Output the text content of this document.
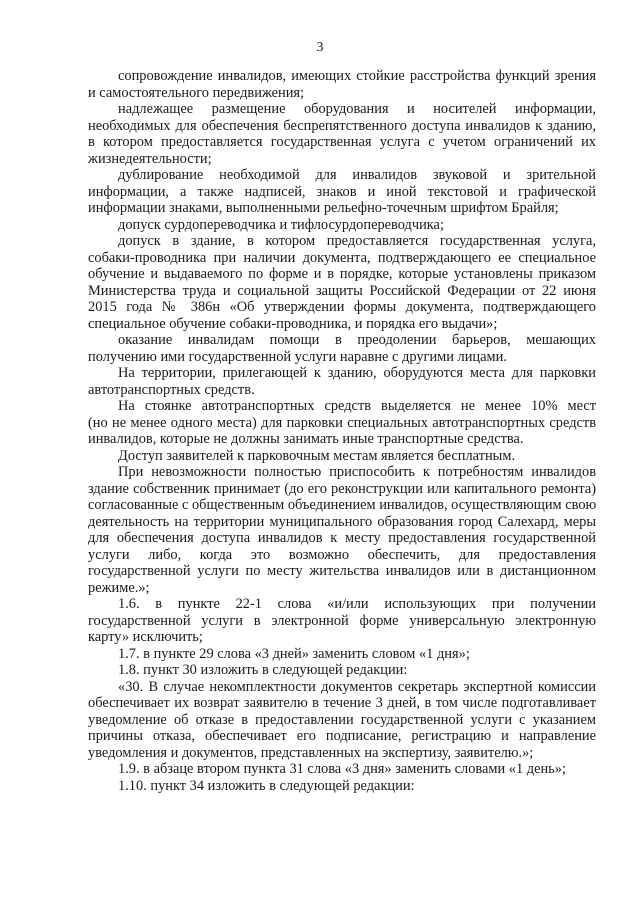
3
сопровождение инвалидов, имеющих стойкие расстройства функций зрения
и самостоятельного передвижения;
надлежащее размещение оборудования и носителей информации,
необходимых для обеспечения беспрепятственного доступа инвалидов к зданию,
в котором предоставляется государственная услуга с учетом ограничений их
жизнедеятельности;
дублирование необходимой для инвалидов звуковой и зрительной
информации, а также надписей, знаков и иной текстовой и графической
информации знаками, выполненными рельефно-точечным шрифтом Брайля;
допуск сурдопереводчика и тифлосурдопереводчика;
допуск в здание, в котором предоставляется государственная услуга,
собаки-проводника при наличии документа, подтверждающего ее специальное
обучение и выдаваемого по форме и в порядке, которые установлены приказом
Министерства труда и социальной защиты Российской Федерации от 22 июня
2015 года № 386н «Об утверждении формы документа, подтверждающего
специальное обучение собаки-проводника, и порядка его выдачи»;
оказание инвалидам помощи в преодолении барьеров, мешающих
получению ими государственной услуги наравне с другими лицами.
На территории, прилегающей к зданию, оборудуются места для парковки
автотранспортных средств.
На стоянке автотранспортных средств выделяется не менее 10% мест
(но не менее одного места) для парковки специальных автотранспортных средств
инвалидов, которые не должны занимать иные транспортные средства.
Доступ заявителей к парковочным местам является бесплатным.
При невозможности полностью приспособить к потребностям инвалидов
здание собственник принимает (до его реконструкции или капитального ремонта)
согласованные с общественным объединением инвалидов, осуществляющим свою
деятельность на территории муниципального образования город Салехард, меры
для обеспечения доступа инвалидов к месту предоставления государственной
услуги либо, когда это возможно обеспечить, для предоставления
государственной услуги по месту жительства инвалидов или в дистанционном
режиме.»;
1.6. в пункте 22-1 слова «и/или использующих при получении
государственной услуги в электронной форме универсальную электронную
карту» исключить;
1.7. в пункте 29 слова «3 дней» заменить словом «1 дня»;
1.8. пункт 30 изложить в следующей редакции:
«30. В случае некомплектности документов секретарь экспертной комиссии
обеспечивает их возврат заявителю в течение 3 дней, в том числе подготавливает
уведомление об отказе в предоставлении государственной услуги с указанием
причины отказа, обеспечивает его подписание, регистрацию и направление
уведомления и документов, представленных на экспертизу, заявителю.»;
1.9. в абзаце втором пункта 31 слова «3 дня» заменить словами «1 день»;
1.10. пункт 34 изложить в следующей редакции:
